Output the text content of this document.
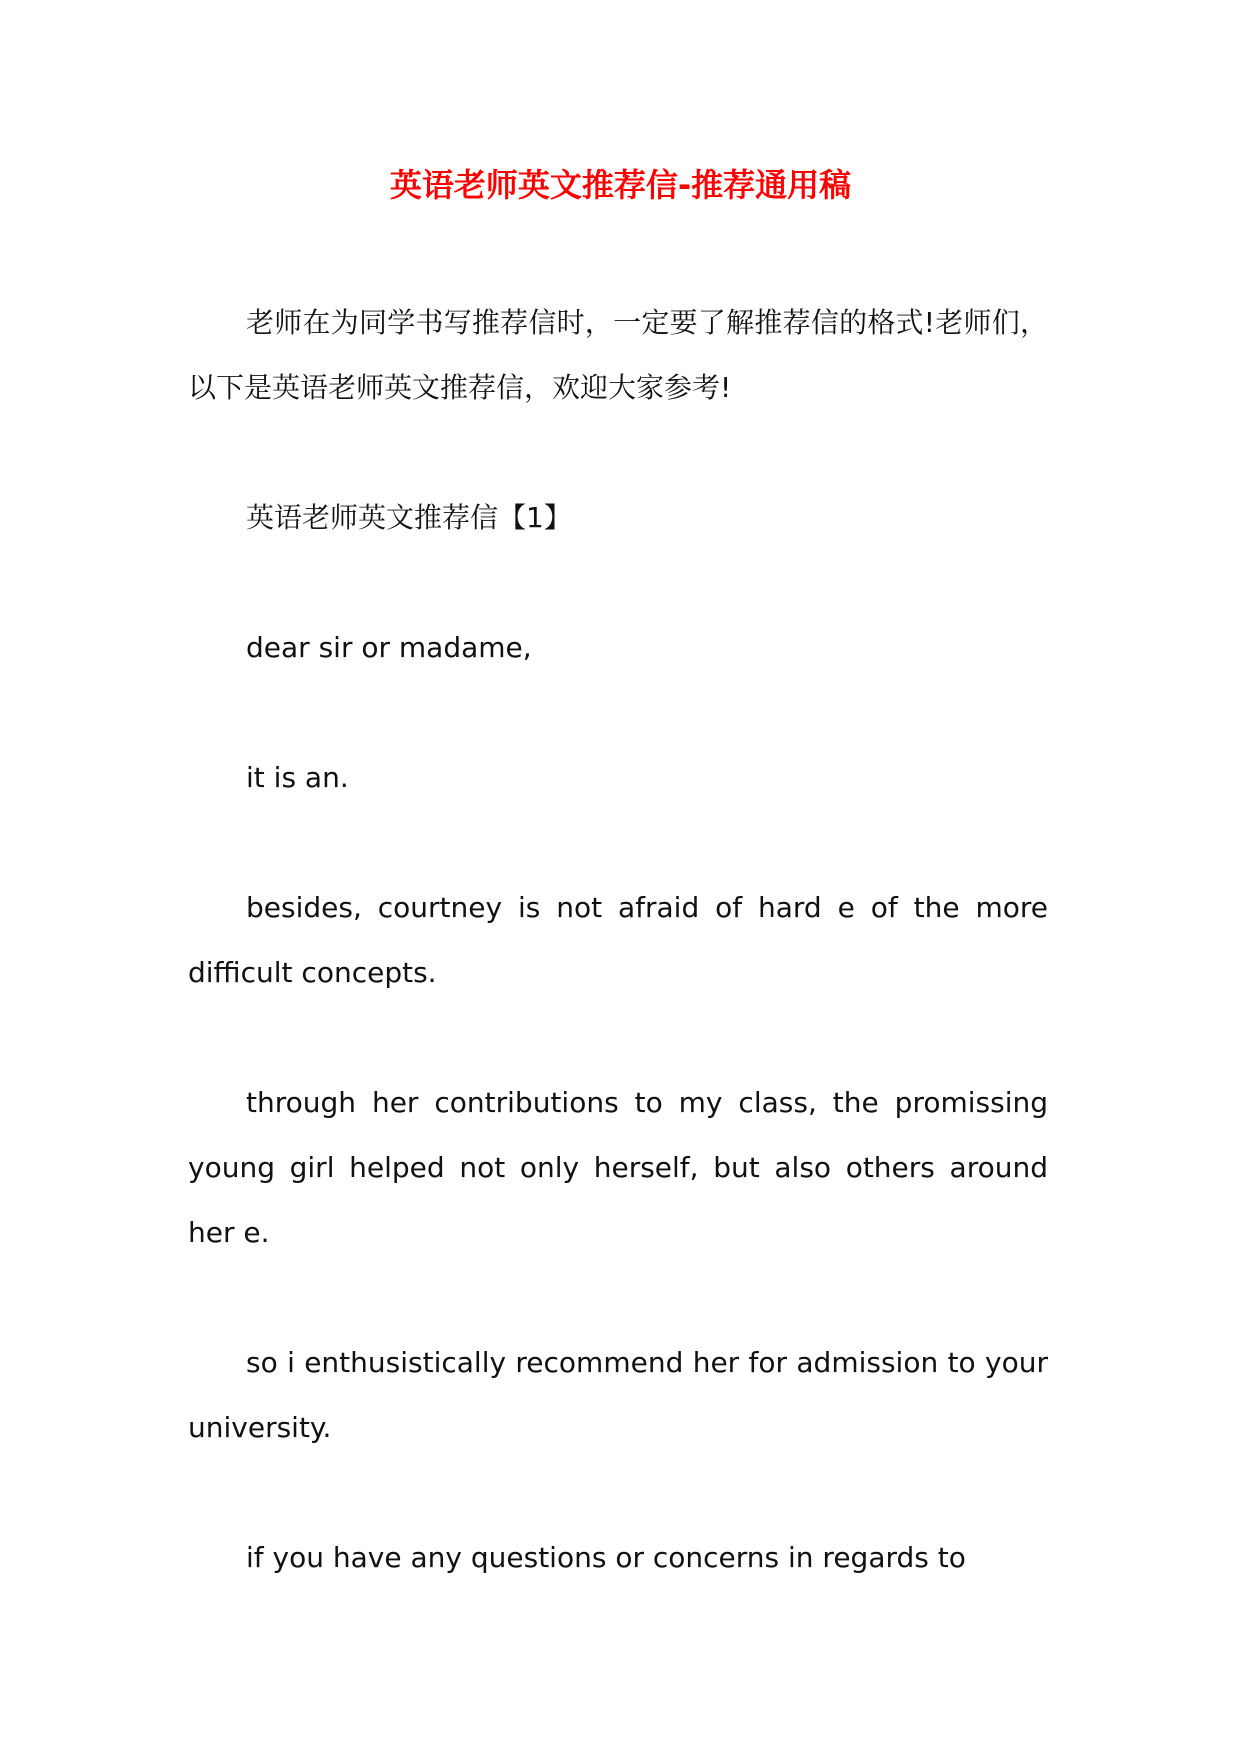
英语老师英文推荐信-推荐通用稿

老师在为同学书写推荐信时，一定要了解推荐信的格式!老师们，以下是英语老师英文推荐信，欢迎大家参考!

英语老师英文推荐信【1】

dear sir or madame,

it is an.

besides, courtney is not afraid of hard e of the more difficult concepts.

through her contributions to my class, the promissing young girl helped not only herself, but also others around her e.

so i enthusistically recommend her for admission to your university.

if you have any questions or concerns in regards to
